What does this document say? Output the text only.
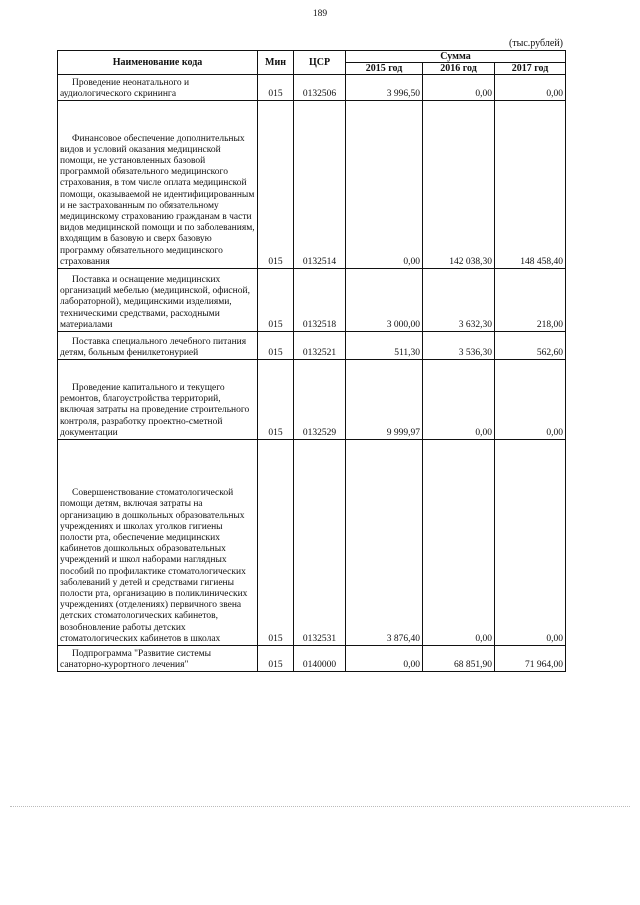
189
(тыс.рублей)
Наименование кода	Мин	ЦСР	Сумма		
			2015 год	2016 год	2017 год

Проведение неонатального и аудиологического скрининга	015	0132506	3 996,50	0,00	0,00

Финансовое обеспечение дополнительных видов и условий оказания медицинской помощи, не установленных базовой программой обязательного медицинского страхования, в том числе оплата медицинской помощи, оказываемой не идентифицированным и не застрахованным по обязательному медицинскому страхованию гражданам в части видов медицинской помощи и по заболеваниям, входящим в базовую и сверх базовую программу обязательного медицинского страхования	015	0132514	0,00	142 038,30	148 458,40

Поставка и оснащение медицинских организаций мебелью (медицинской, офисной, лабораторной), медицинскими изделиями, техническими средствами, расходными материалами	015	0132518	3 000,00	3 632,30	218,00

Поставка специального лечебного питания детям, больным фенилкетонурией	015	0132521	511,30	3 536,30	562,60

Проведение капитального и текущего ремонтов, благоустройства территорий, включая затраты на проведение строительного контроля, разработку проектно-сметной документации	015	0132529	9 999,97	0,00	0,00

Совершенствование стоматологической помощи детям, включая затраты на организацию в дошкольных образовательных учреждениях и школах уголков гигиены полости рта, обеспечение медицинских кабинетов дошкольных образовательных учреждений и школ наборами наглядных пособий по профилактике стоматологических заболеваний у детей и средствами гигиены полости рта, организацию в поликлинических учреждениях (отделениях) первичного звена детских стоматологических кабинетов, возобновление работы детских стоматологических кабинетов в школах	015	0132531	3 876,40	0,00	0,00

Подпрограмма "Развитие системы санаторно-курортного лечения"	015	0140000	0,00	68 851,90	71 964,00
